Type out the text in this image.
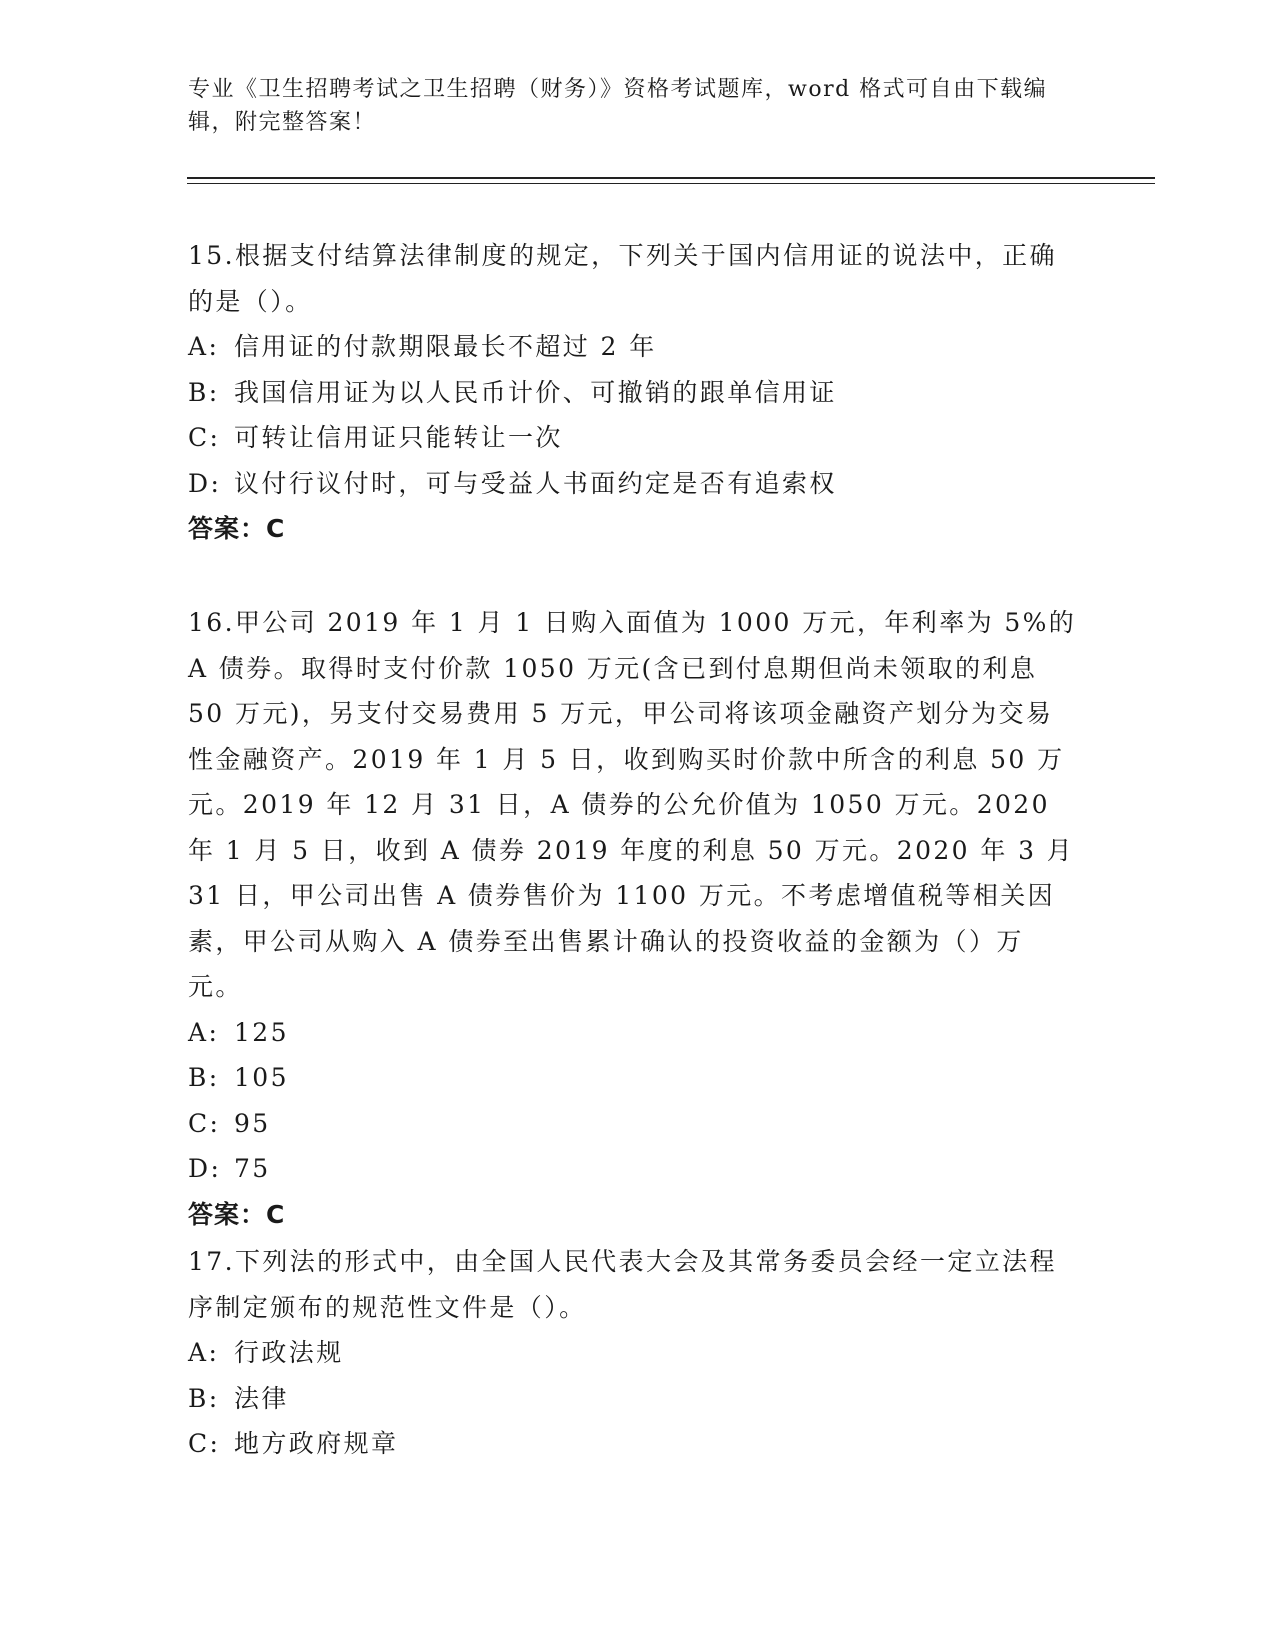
专业《卫生招聘考试之卫生招聘（财务）》资格考试题库，word 格式可自由下载编辑，附完整答案！
15.根据支付结算法律制度的规定，下列关于国内信用证的说法中，正确的是（）。
A: 信用证的付款期限最长不超过 2 年
B: 我国信用证为以人民币计价、可撤销的跟单信用证
C: 可转让信用证只能转让一次
D: 议付行议付时，可与受益人书面约定是否有追索权
答案：C
16.甲公司 2019 年 1 月 1 日购入面值为 1000 万元，年利率为 5%的 A 债券。取得时支付价款 1050 万元(含已到付息期但尚未领取的利息 50 万元)，另支付交易费用 5 万元，甲公司将该项金融资产划分为交易性金融资产。2019 年 1 月 5 日，收到购买时价款中所含的利息 50 万元。2019 年 12 月 31 日，A 债券的公允价值为 1050 万元。2020 年 1 月 5 日，收到 A 债券 2019 年度的利息 50 万元。2020 年 3 月 31 日，甲公司出售 A 债券售价为 1100 万元。不考虑增值税等相关因素，甲公司从购入 A 债券至出售累计确认的投资收益的金额为（）万元。
A: 125
B: 105
C: 95
D: 75
答案：C
17.下列法的形式中，由全国人民代表大会及其常务委员会经一定立法程序制定颁布的规范性文件是（）。
A: 行政法规
B: 法律
C: 地方政府规章
